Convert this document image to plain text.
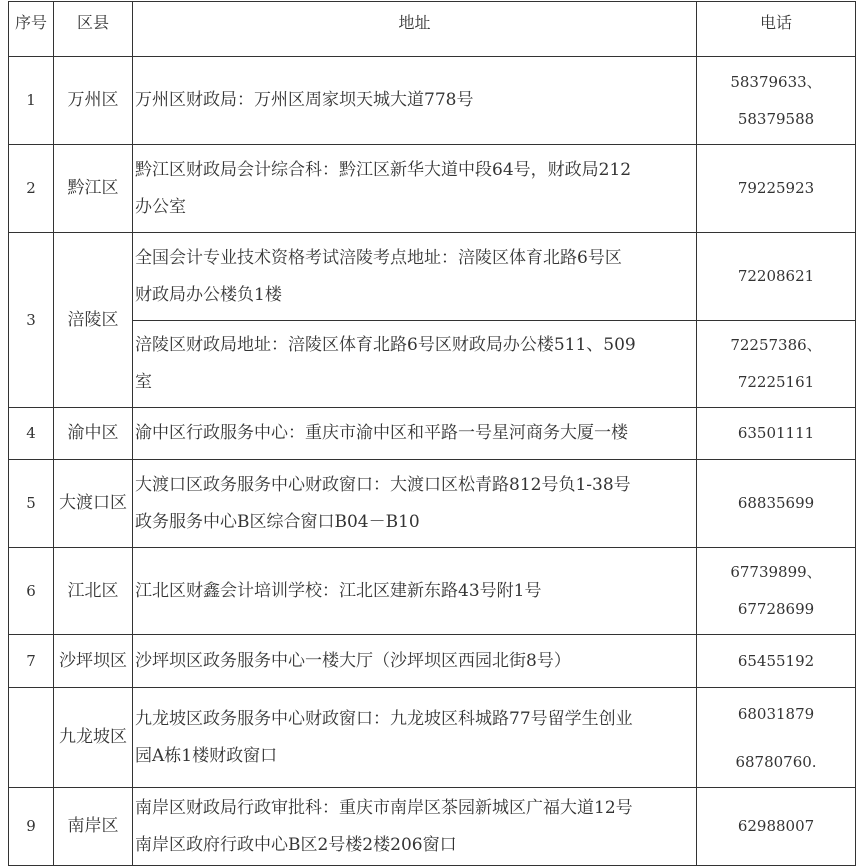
序号	区县	地址	电话
1	万州区	万州区财政局：万州区周家坝天城大道778号	58379633、
58379588

2	黔江区	黔江区财政局会计综合科：黔江区新华大道中段64号，财政局212
办公室	79225923

3	涪陵区	全国会计专业技术资格考试涪陵考点地址：涪陵区体育北路6号区
财政局办公楼负1楼	72208621

		涪陵区财政局地址：涪陵区体育北路6号区财政局办公楼511、509
室	72257386、
72225161

4	渝中区	渝中区行政服务中心：重庆市渝中区和平路一号星河商务大厦一楼	63501111

5	大渡口区	大渡口区政务服务中心财政窗口：大渡口区松青路812号负1-38号
政务服务中心B区综合窗口B04－B10	68835699

6	江北区	江北区财鑫会计培训学校：江北区建新东路43号附1号	67739899、
67728699

7	沙坪坝区	沙坪坝区政务服务中心一楼大厅（沙坪坝区西园北街8号）	65455192

	九龙坡区	九龙坡区政务服务中心财政窗口：九龙坡区科城路77号留学生创业
园A栋1楼财政窗口	68031879
68780760.

9	南岸区	南岸区财政局行政审批科：重庆市南岸区茶园新城区广福大道12号
南岸区政府行政中心B区2号楼2楼206窗口	62988007
